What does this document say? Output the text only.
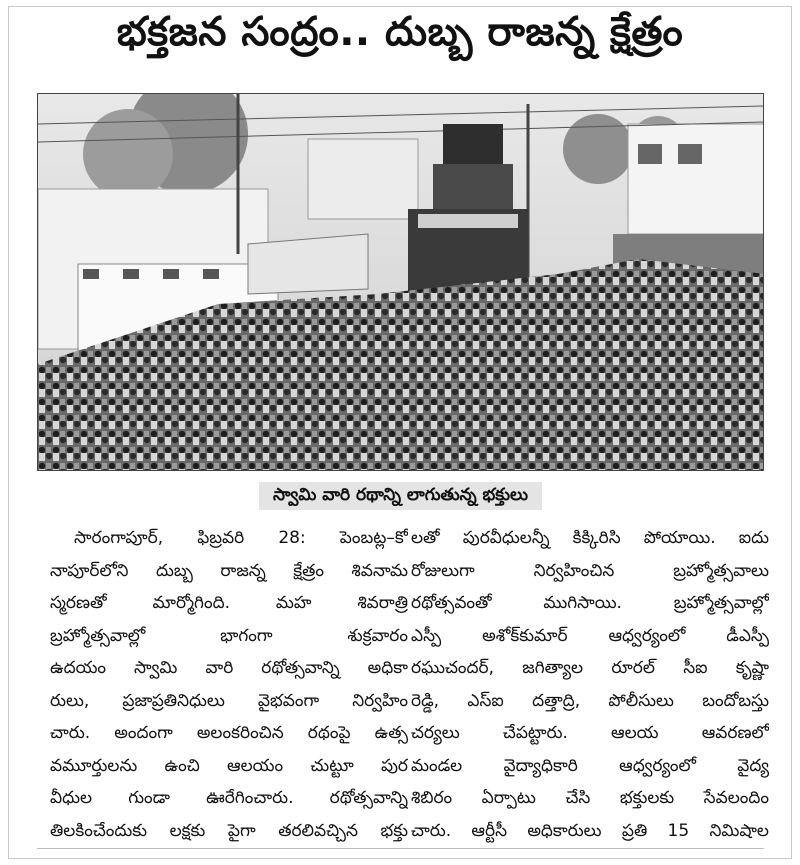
భక్తజన సంద్రం.. దుబ్బ రాజన్న క్షేత్రం
స్వామి వారి రథాన్ని లాగుతున్న భక్తులు
సారంగాపూర్‌, ఫిబ్రవరి 28: పెంబట్ల–కో
నాపూర్‌లోని దుబ్బ రాజన్న క్షేత్రం శివనామ
స్మరణతో మార్మోగింది. మహ శివరాత్రి
బ్రహ్మోత్సవాల్లో భాగంగా శుక్రవారం
ఉదయం స్వామి వారి రథోత్సవాన్ని అధికా
రులు, ప్రజాప్రతినిధులు వైభవంగా నిర్వహిం
చారు. అందంగా అలంకరించిన రథంపై ఉత్స
వమూర్తులను ఉంచి ఆలయం చుట్టూ పుర
వీధుల గుండా ఊరేగించారు. రథోత్సవాన్ని
తిలకించేందుకు లక్షకు పైగా తరలివచ్చిన భక్తు
లతో పురవీధులన్నీ కిక్కిరిసి పోయాయి. ఐదు
రోజులుగా నిర్వహించిన బ్రహ్మోత్సవాలు
రథోత్సవంతో ముగిసాయి. బ్రహ్మోత్సవాల్లో
ఎస్పీ అశోక్‌కుమార్‌ ఆధ్వర్యంలో డీఎస్పీ
రఘుచందర్‌, జగిత్యాల రూరల్‌ సీఐ కృష్ణా
రెడ్డి, ఎస్‌ఐ దత్తాద్రి, పోలీసులు బందోబస్తు
చర్యలు చేపట్టారు. ఆలయ ఆవరణలో
మండల వైద్యాధికారి ఆధ్వర్యంలో వైద్య
శిబిరం ఏర్పాటు చేసి భక్తులకు సేవలందిం
చారు. ఆర్టీసీ అధికారులు ప్రతి 15 నిమిషాల
